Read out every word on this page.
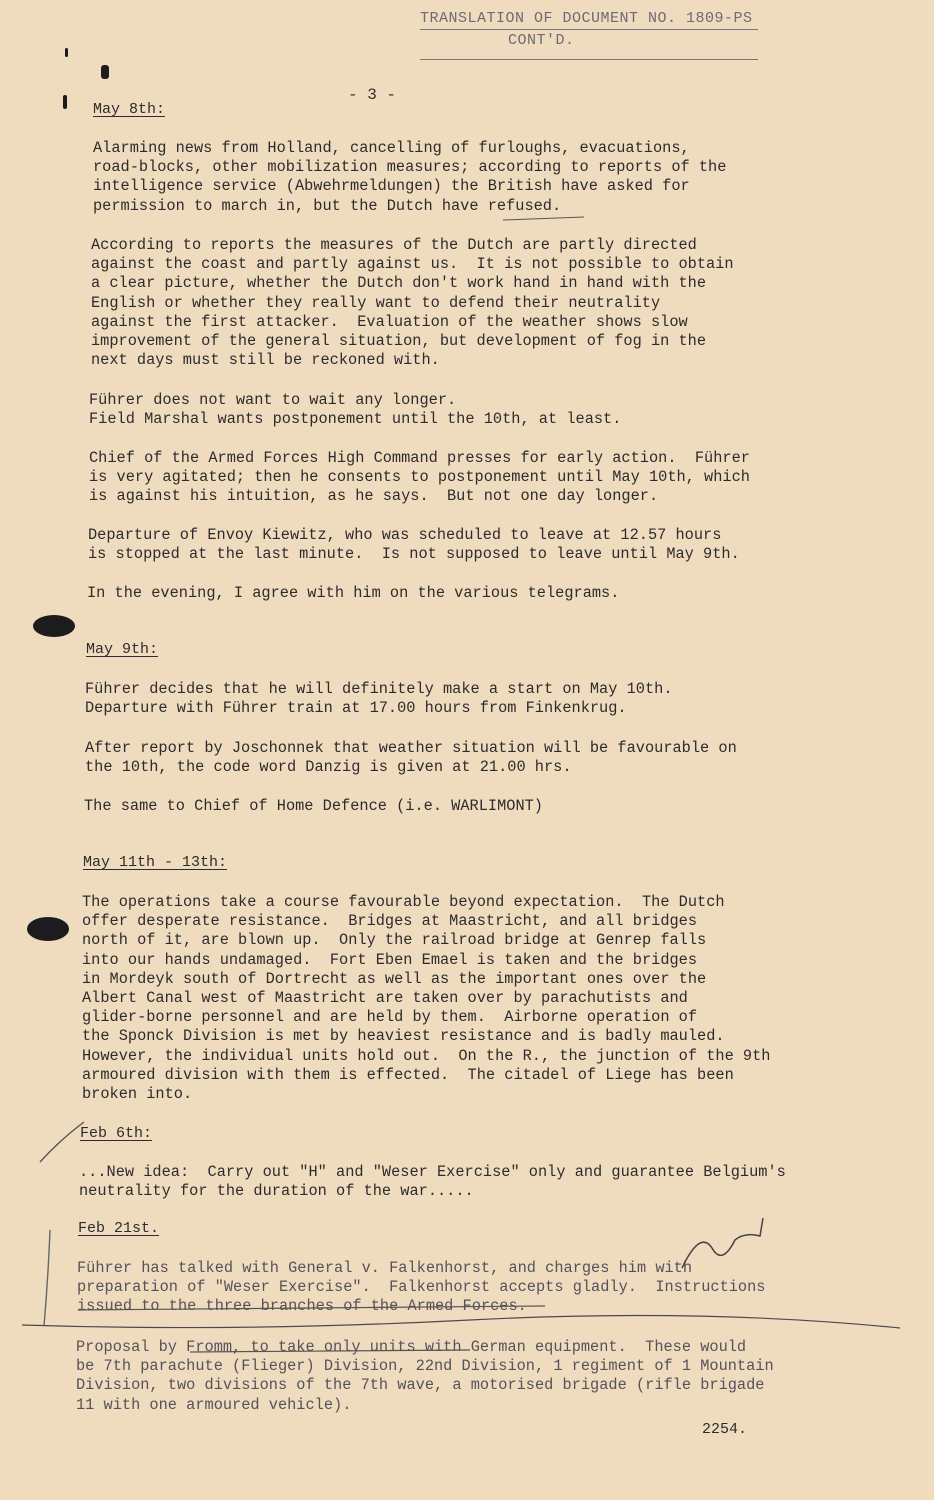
TRANSLATION OF DOCUMENT NO. 1809-PS
CONT'D.
- 3 -
May 8th:
Alarming news from Holland, cancelling of furloughs, evacuations,
road-blocks, other mobilization measures; according to reports of the
intelligence service (Abwehrmeldungen) the British have asked for
permission to march in, but the Dutch have refused.
According to reports the measures of the Dutch are partly directed
against the coast and partly against us.  It is not possible to obtain
a clear picture, whether the Dutch don't work hand in hand with the
English or whether they really want to defend their neutrality
against the first attacker.  Evaluation of the weather shows slow
improvement of the general situation, but development of fog in the
next days must still be reckoned with.
Führer does not want to wait any longer.
Field Marshal wants postponement until the 10th, at least.
Chief of the Armed Forces High Command presses for early action.  Führer
is very agitated; then he consents to postponement until May 10th, which
is against his intuition, as he says.  But not one day longer.
Departure of Envoy Kiewitz, who was scheduled to leave at 12.57 hours
is stopped at the last minute.  Is not supposed to leave until May 9th.
In the evening, I agree with him on the various telegrams.
May 9th:
Führer decides that he will definitely make a start on May 10th.
Departure with Führer train at 17.00 hours from Finkenkrug.
After report by Joschonnek that weather situation will be favourable on
the 10th, the code word Danzig is given at 21.00 hrs.
The same to Chief of Home Defence (i.e. WARLIMONT)
May 11th - 13th:
The operations take a course favourable beyond expectation.  The Dutch
offer desperate resistance.  Bridges at Maastricht, and all bridges
north of it, are blown up.  Only the railroad bridge at Genrep falls
into our hands undamaged.  Fort Eben Emael is taken and the bridges
in Mordeyk south of Dortrecht as well as the important ones over the
Albert Canal west of Maastricht are taken over by parachutists and
glider-borne personnel and are held by them.  Airborne operation of
the Sponck Division is met by heaviest resistance and is badly mauled.
However, the individual units hold out.  On the R., the junction of the 9th
armoured division with them is effected.  The citadel of Liege has been
broken into.
Feb 6th:
...New idea:  Carry out "H" and "Weser Exercise" only and guarantee Belgium's
neutrality for the duration of the war.....
Feb 21st.
Führer has talked with General v. Falkenhorst, and charges him with
preparation of "Weser Exercise".  Falkenhorst accepts gladly.  Instructions
issued to the three branches of the Armed Forces.
Proposal by Fromm, to take only units with German equipment.  These would
be 7th parachute (Flieger) Division, 22nd Division, 1 regiment of 1 Mountain
Division, two divisions of the 7th wave, a motorised brigade (rifle brigade
11 with one armoured vehicle).
2254.
